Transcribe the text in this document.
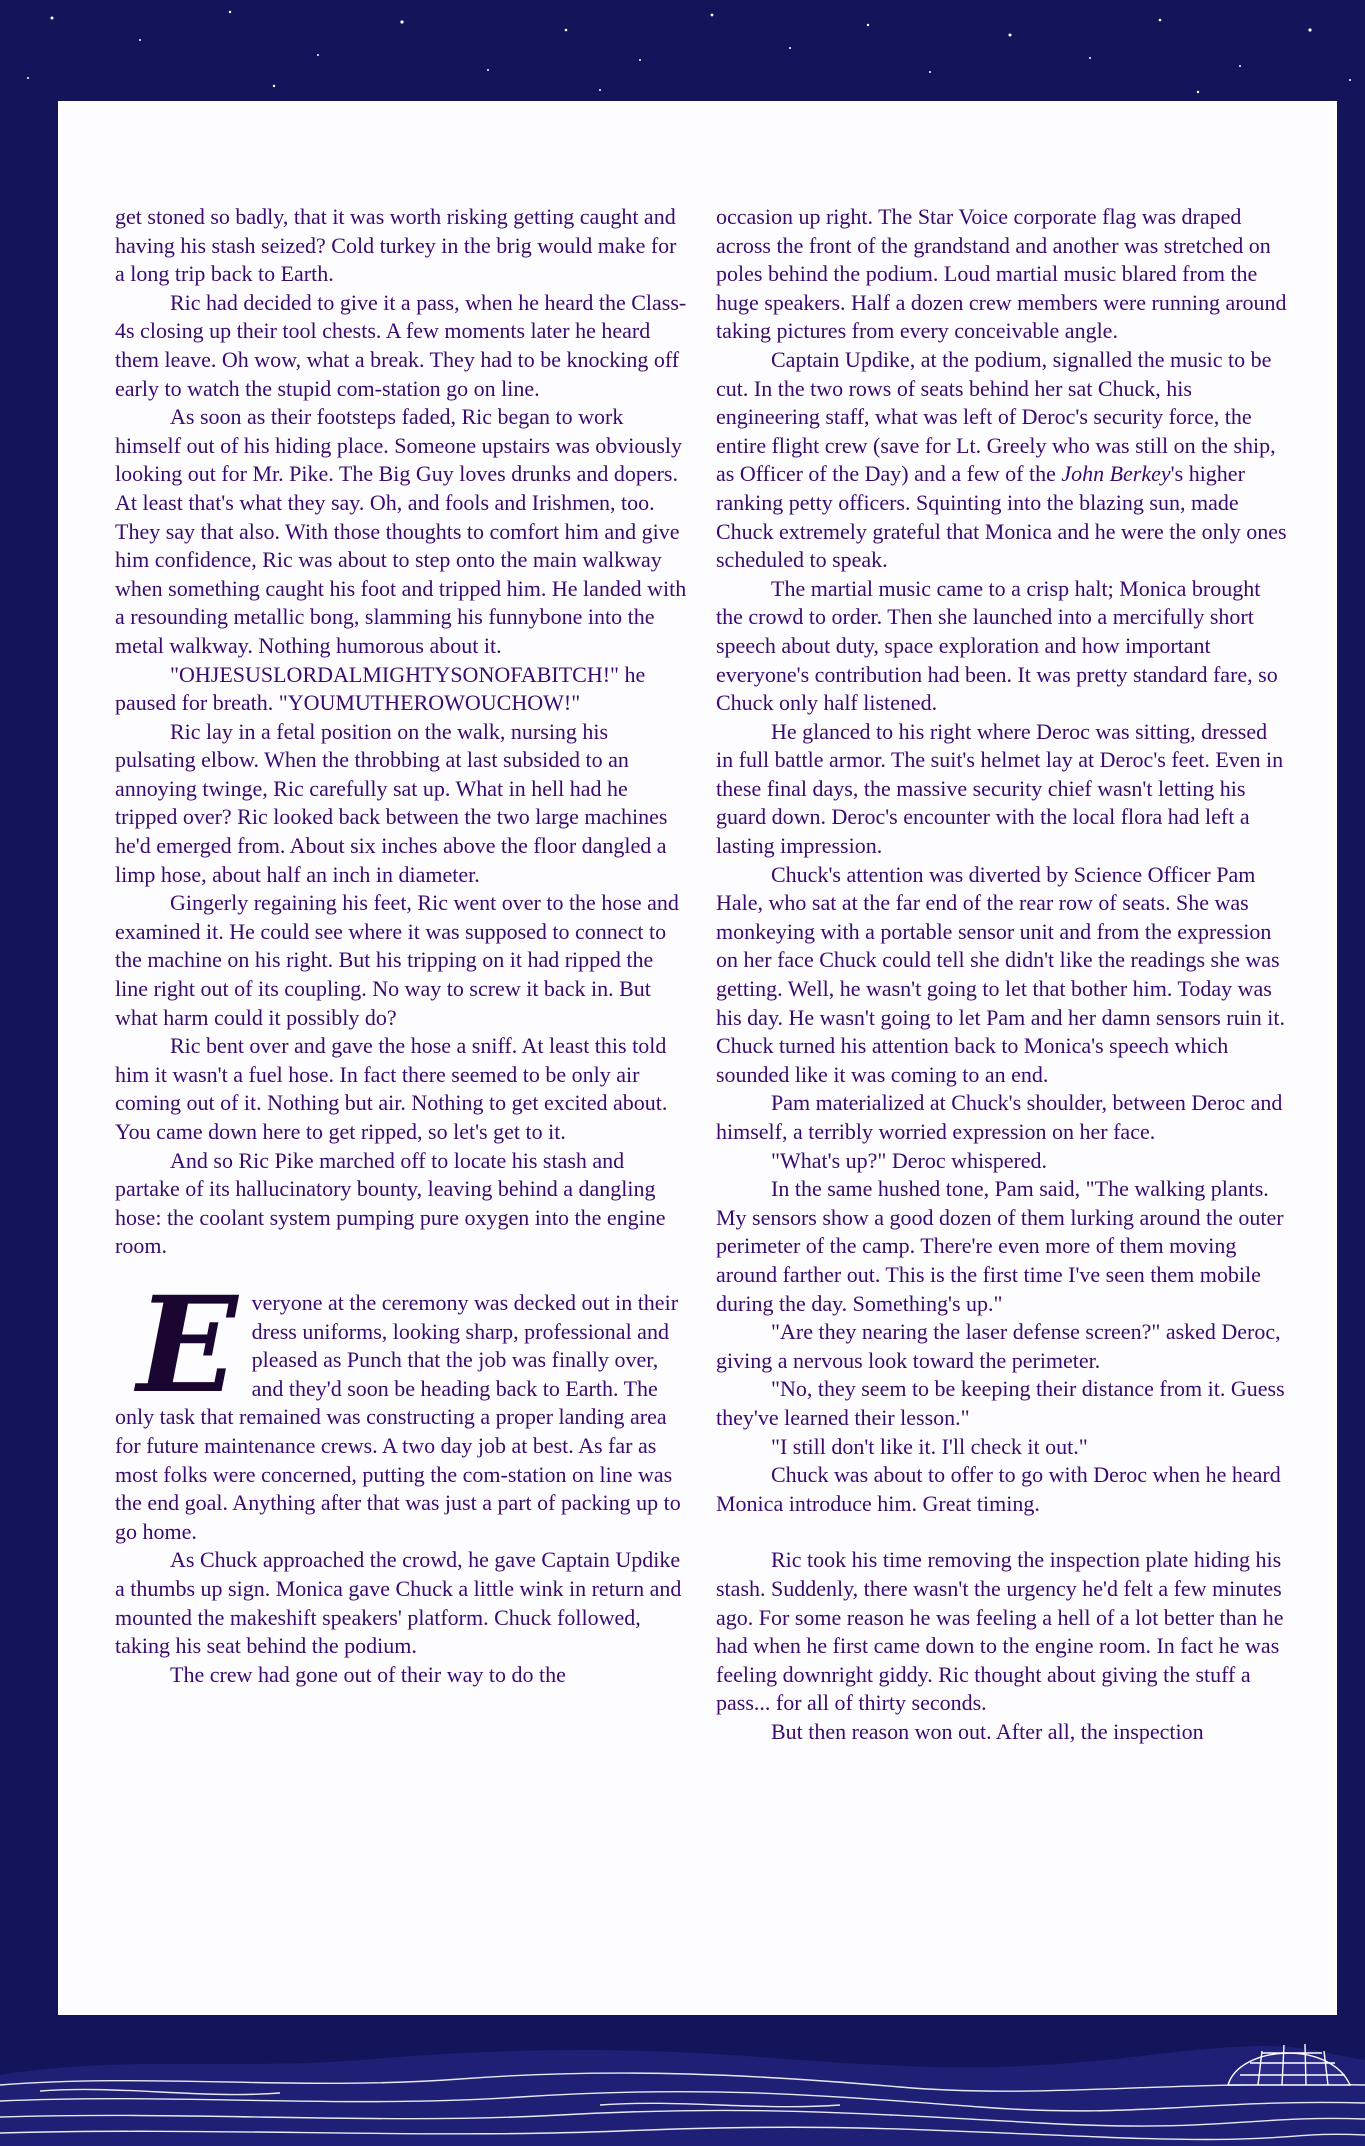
get stoned so badly, that it was worth risking getting caught and having his stash seized? Cold turkey in the brig would make for a long trip back to Earth.

Ric had decided to give it a pass, when he heard the Class-4s closing up their tool chests. A few moments later he heard them leave. Oh wow, what a break. They had to be knocking off early to watch the stupid com-station go on line.

As soon as their footsteps faded, Ric began to work himself out of his hiding place. Someone upstairs was obviously looking out for Mr. Pike. The Big Guy loves drunks and dopers. At least that's what they say. Oh, and fools and Irishmen, too. They say that also. With those thoughts to comfort him and give him confidence, Ric was about to step onto the main walkway when something caught his foot and tripped him. He landed with a resounding metallic bong, slamming his funnybone into the metal walkway. Nothing humorous about it.

"OHJESUSLORDALMIGHTYSONOFABITCH!" he paused for breath. "YOUMUTHEROWOUCHOW!"

Ric lay in a fetal position on the walk, nursing his pulsating elbow. When the throbbing at last subsided to an annoying twinge, Ric carefully sat up. What in hell had he tripped over? Ric looked back between the two large machines he'd emerged from. About six inches above the floor dangled a limp hose, about half an inch in diameter.

Gingerly regaining his feet, Ric went over to the hose and examined it. He could see where it was supposed to connect to the machine on his right. But his tripping on it had ripped the line right out of its coupling. No way to screw it back in. But what harm could it possibly do?

Ric bent over and gave the hose a sniff. At least this told him it wasn't a fuel hose. In fact there seemed to be only air coming out of it. Nothing but air. Nothing to get excited about. You came down here to get ripped, so let's get to it.

And so Ric Pike marched off to locate his stash and partake of its hallucinatory bounty, leaving behind a dangling hose: the coolant system pumping pure oxygen into the engine room.

Everyone at the ceremony was decked out in their dress uniforms, looking sharp, professional and pleased as Punch that the job was finally over, and they'd soon be heading back to Earth. The only task that remained was constructing a proper landing area for future maintenance crews. A two day job at best. As far as most folks were concerned, putting the com-station on line was the end goal. Anything after that was just a part of packing up to go home.

As Chuck approached the crowd, he gave Captain Updike a thumbs up sign. Monica gave Chuck a little wink in return and mounted the makeshift speakers' platform. Chuck followed, taking his seat behind the podium.

The crew had gone out of their way to do the

occasion up right. The Star Voice corporate flag was draped across the front of the grandstand and another was stretched on poles behind the podium. Loud martial music blared from the huge speakers. Half a dozen crew members were running around taking pictures from every conceivable angle.

Captain Updike, at the podium, signalled the music to be cut. In the two rows of seats behind her sat Chuck, his engineering staff, what was left of Deroc's security force, the entire flight crew (save for Lt. Greely who was still on the ship, as Officer of the Day) and a few of the John Berkey's higher ranking petty officers. Squinting into the blazing sun, made Chuck extremely grateful that Monica and he were the only ones scheduled to speak.

The martial music came to a crisp halt; Monica brought the crowd to order. Then she launched into a mercifully short speech about duty, space exploration and how important everyone's contribution had been. It was pretty standard fare, so Chuck only half listened.

He glanced to his right where Deroc was sitting, dressed in full battle armor. The suit's helmet lay at Deroc's feet. Even in these final days, the massive security chief wasn't letting his guard down. Deroc's encounter with the local flora had left a lasting impression.

Chuck's attention was diverted by Science Officer Pam Hale, who sat at the far end of the rear row of seats. She was monkeying with a portable sensor unit and from the expression on her face Chuck could tell she didn't like the readings she was getting. Well, he wasn't going to let that bother him. Today was his day. He wasn't going to let Pam and her damn sensors ruin it. Chuck turned his attention back to Monica's speech which sounded like it was coming to an end.

Pam materialized at Chuck's shoulder, between Deroc and himself, a terribly worried expression on her face.

"What's up?" Deroc whispered.

In the same hushed tone, Pam said, "The walking plants. My sensors show a good dozen of them lurking around the outer perimeter of the camp. There're even more of them moving around farther out. This is the first time I've seen them mobile during the day. Something's up."

"Are they nearing the laser defense screen?" asked Deroc, giving a nervous look toward the perimeter.

"No, they seem to be keeping their distance from it. Guess they've learned their lesson."

"I still don't like it. I'll check it out."

Chuck was about to offer to go with Deroc when he heard Monica introduce him. Great timing.

Ric took his time removing the inspection plate hiding his stash. Suddenly, there wasn't the urgency he'd felt a few minutes ago. For some reason he was feeling a hell of a lot better than he had when he first came down to the engine room. In fact he was feeling downright giddy. Ric thought about giving the stuff a pass... for all of thirty seconds.

But then reason won out. After all, the inspection
